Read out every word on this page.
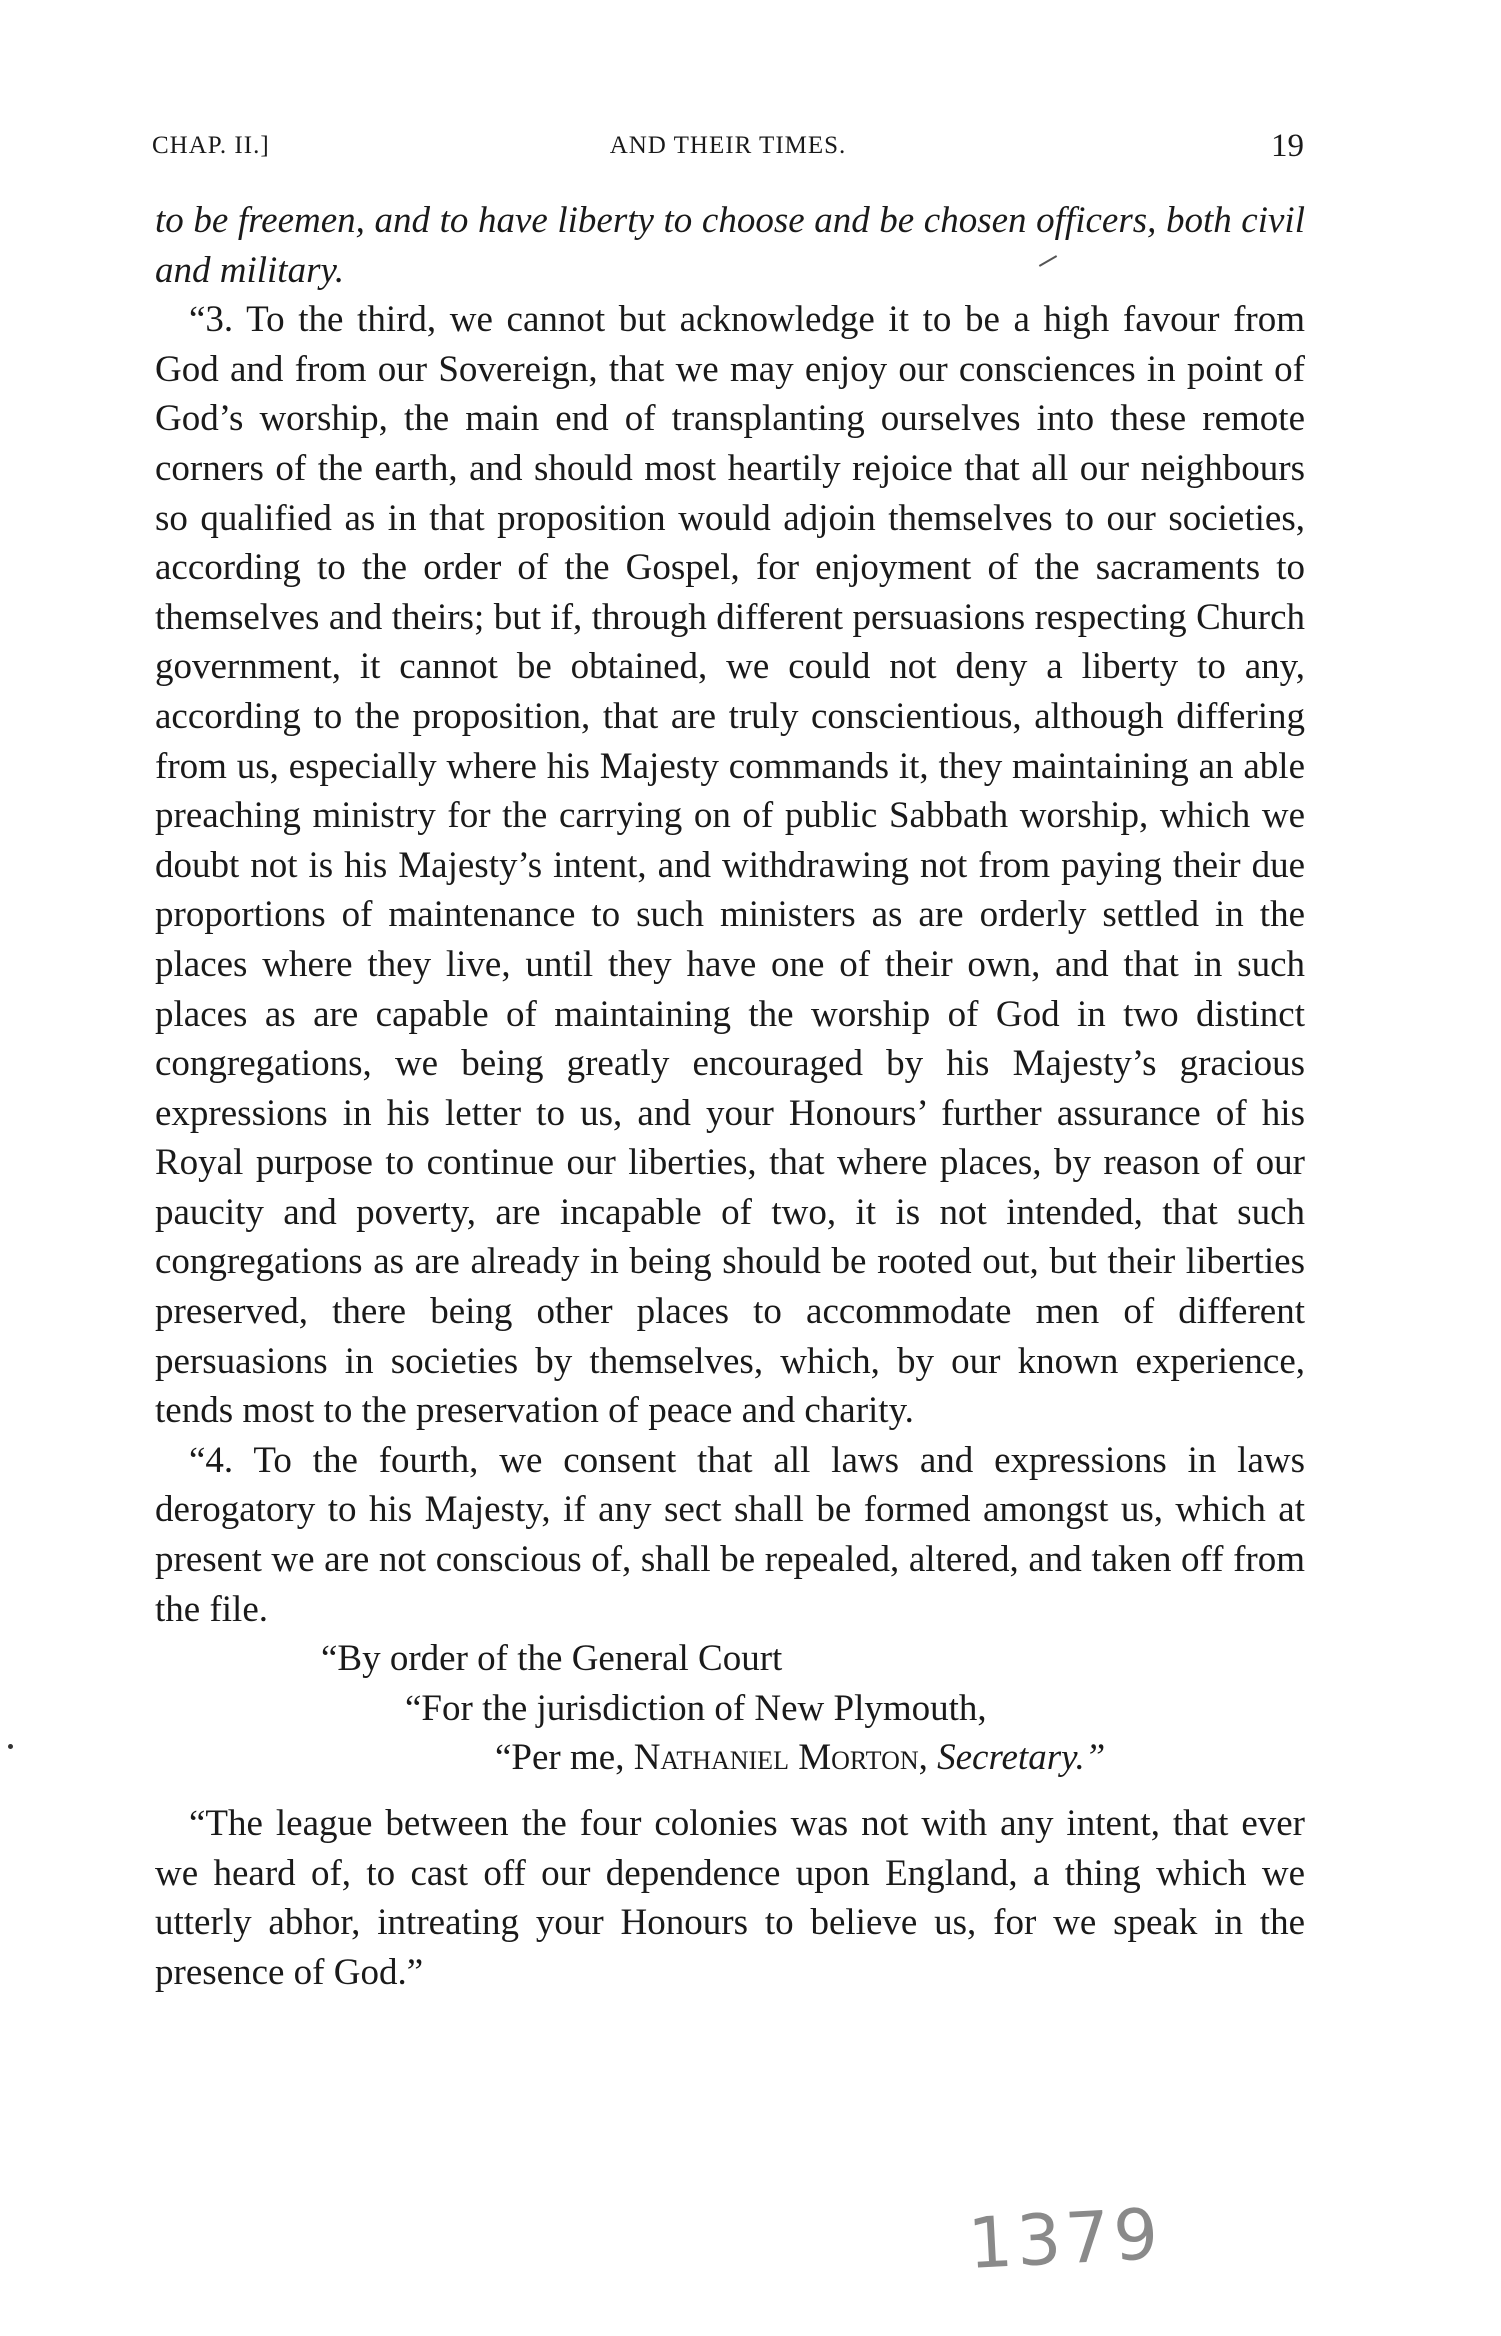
CHAP. II.]	AND THEIR TIMES.	19

to be freemen, and to have liberty to choose and be chosen officers, both civil and military.

“3. To the third, we cannot but acknowledge it to be a high favour from God and from our Sovereign, that we may enjoy our consciences in point of God’s worship, the main end of transplanting ourselves into these remote corners of the earth, and should most heartily rejoice that all our neighbours so qualified as in that proposition would adjoin themselves to our societies, according to the order of the Gospel, for enjoyment of the sacraments to themselves and theirs; but if, through different persuasions respecting Church government, it cannot be obtained, we could not deny a liberty to any, according to the proposition, that are truly conscientious, although differing from us, especially where his Majesty commands it, they maintaining an able preaching ministry for the carrying on of public Sabbath worship, which we doubt not is his Majesty’s intent, and withdrawing not from paying their due proportions of maintenance to such ministers as are orderly settled in the places where they live, until they have one of their own, and that in such places as are capable of maintaining the worship of God in two distinct congregations, we being greatly encouraged by his Majesty’s gracious expressions in his letter to us, and your Honours’ further assurance of his Royal purpose to continue our liberties, that where places, by reason of our paucity and poverty, are incapable of two, it is not intended, that such congregations as are already in being should be rooted out, but their liberties preserved, there being other places to accommodate men of different persuasions in societies by themselves, which, by our known experience, tends most to the preservation of peace and charity.

“4. To the fourth, we consent that all laws and expressions in laws derogatory to his Majesty, if any sect shall be formed amongst us, which at present we are not conscious of, shall be repealed, altered, and taken off from the file.

“By order of the General Court

“For the jurisdiction of New Plymouth,

“Per me, Nathaniel Morton, Secretary.”

“The league between the four colonies was not with any intent, that ever we heard of, to cast off our dependence upon England, a thing which we utterly abhor, intreating your Honours to believe us, for we speak in the presence of God.”

1379
